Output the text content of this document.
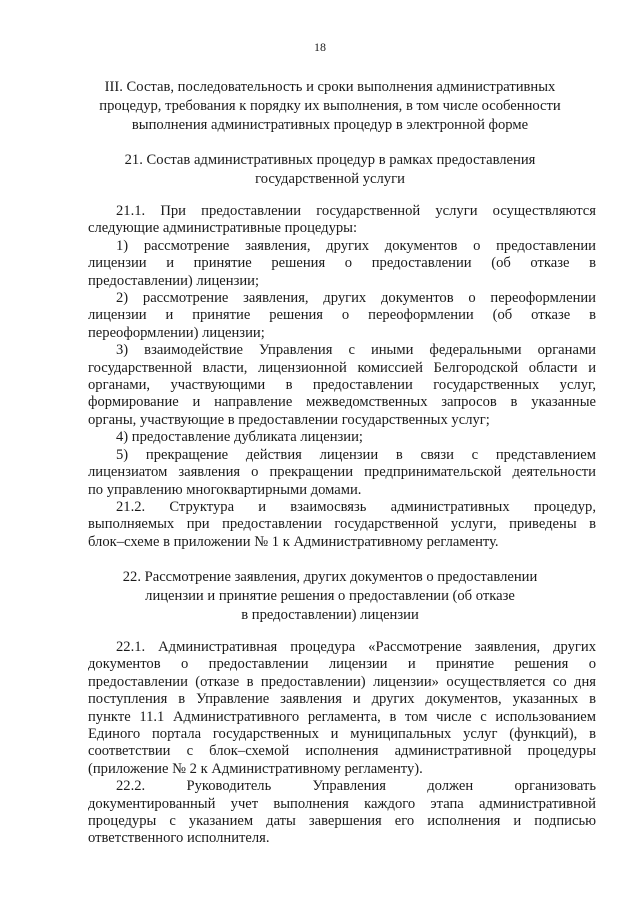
18
III. Состав, последовательность и сроки выполнения административных
процедур, требования к порядку их выполнения, в том числе особенности
выполнения административных процедур в электронной форме
21. Состав административных процедур в рамках предоставления
государственной услуги
21.1. При предоставлении государственной услуги осуществляются
следующие административные процедуры:
1) рассмотрение заявления, других документов о предоставлении
лицензии и принятие решения о предоставлении (об отказе в
предоставлении) лицензии;
2) рассмотрение заявления, других документов о переоформлении
лицензии и принятие решения о переоформлении (об отказе в
переоформлении) лицензии;
3) взаимодействие Управления с иными федеральными органами
государственной власти, лицензионной комиссией Белгородской области и
органами, участвующими в предоставлении государственных услуг,
формирование и направление межведомственных запросов в указанные
органы, участвующие в предоставлении государственных услуг;
4) предоставление дубликата лицензии;
5) прекращение действия лицензии в связи с представлением
лицензиатом заявления о прекращении предпринимательской деятельности
по управлению многоквартирными домами.
21.2. Структура и взаимосвязь административных процедур,
выполняемых при предоставлении государственной услуги, приведены в
блок–схеме в приложении № 1 к Административному регламенту.
22. Рассмотрение заявления, других документов о предоставлении
лицензии и принятие решения о предоставлении (об отказе
в предоставлении) лицензии
22.1. Административная процедура «Рассмотрение заявления, других
документов о предоставлении лицензии и принятие решения о
предоставлении (отказе в предоставлении) лицензии» осуществляется со дня
поступления в Управление заявления и других документов, указанных в
пункте 11.1 Административного регламента, в том числе с использованием
Единого портала государственных и муниципальных услуг (функций), в
соответствии с блок–схемой исполнения административной процедуры
(приложение № 2 к Административному регламенту).
22.2. Руководитель Управления должен организовать
документированный учет выполнения каждого этапа административной
процедуры с указанием даты завершения его исполнения и подписью
ответственного исполнителя.
